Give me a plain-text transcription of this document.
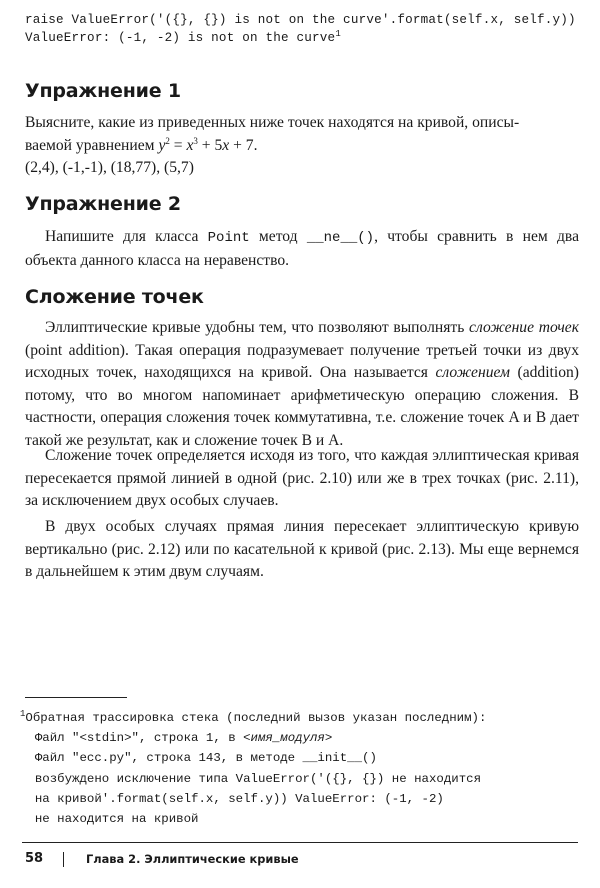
raise ValueError('({}, {}) is not on the curve'.format(self.x, self.y))
ValueError: (-1, -2) is not on the curve$^1$
Упражнение 1
Выясните, какие из приведенных ниже точек находятся на кривой, описы-
ваемой уравнением $y^2 = x^3 + 5x + 7$.
(2,4), (-1,-1), (18,77), (5,7)
Упражнение 2
Напишите для класса Point метод __ne__(), чтобы сравнить в нем два объекта данного класса на неравенство.
Сложение точек
Эллиптические кривые удобны тем, что позволяют выполнять сложение точек (point addition). Такая операция подразумевает получение третьей точки из двух исходных точек, находящихся на кривой. Она называется сложением (addition) потому, что во многом напоминает арифметическую операцию сложения. В частности, операция сложения точек коммутативна, т.е. сложение точек A и B дает такой же результат, как и сложение точек B и A.
Сложение точек определяется исходя из того, что каждая эллиптическая кривая пересекается прямой линией в одной (рис. 2.10) или же в трех точках (рис. 2.11), за исключением двух особых случаев.
В двух особых случаях прямая линия пересекает эллиптическую кривую вертикально (рис. 2.12) или по касательной к кривой (рис. 2.13). Мы еще вернемся в дальнейшем к этим двум случаям.
$^1$Обратная трассировка стека (последний вызов указан последним):
Файл "<stdin>", строка 1, в <имя_модуля>
Файл "ecc.py", строка 143, в методе __init__()
возбуждено исключение типа ValueError('({}, {}) не находится
на кривой'.format(self.x, self.y)) ValueError: (-1, -2)
не находится на кривой
58	Глава 2. Эллиптические кривые
